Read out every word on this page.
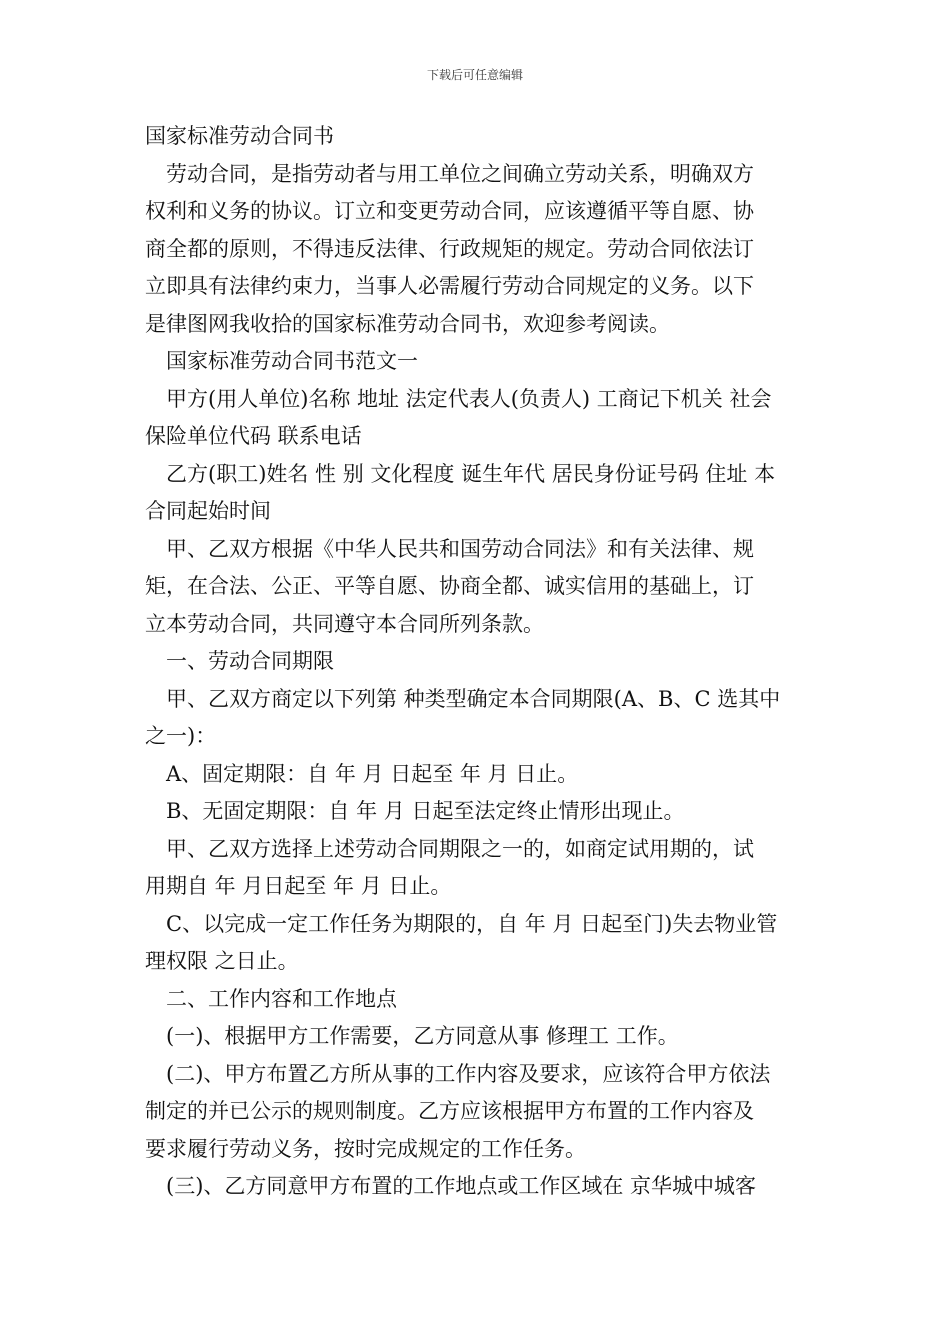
下载后可任意编辑

国家标准劳动合同书

劳动合同，是指劳动者与用工单位之间确立劳动关系，明确双方

权利和义务的协议。订立和变更劳动合同，应该遵循平等自愿、协

商全都的原则，不得违反法律、行政规矩的规定。劳动合同依法订

立即具有法律约束力，当事人必需履行劳动合同规定的义务。以下

是律图网我收拾的国家标准劳动合同书，欢迎参考阅读。

国家标准劳动合同书范文一

甲方(用人单位)名称 地址 法定代表人(负责人) 工商记下机关 社会

保险单位代码 联系电话

乙方(职工)姓名 性 别 文化程度 诞生年代 居民身份证号码 住址 本

合同起始时间

甲、乙双方根据《中华人民共和国劳动合同法》和有关法律、规

矩，在合法、公正、平等自愿、协商全都、诚实信用的基础上，订

立本劳动合同，共同遵守本合同所列条款。

一、劳动合同期限

甲、乙双方商定以下列第 种类型确定本合同期限(A、B、C 选其中

之一)：

A、固定期限：自 年 月 日起至 年 月 日止。

B、无固定期限：自 年 月 日起至法定终止情形出现止。

甲、乙双方选择上述劳动合同期限之一的，如商定试用期的，试

用期自 年 月日起至 年 月 日止。

C、以完成一定工作任务为期限的，自 年 月 日起至门)失去物业管

理权限 之日止。

二、工作内容和工作地点

(一)、根据甲方工作需要，乙方同意从事 修理工 工作。

(二)、甲方布置乙方所从事的工作内容及要求，应该符合甲方依法

制定的并已公示的规则制度。乙方应该根据甲方布置的工作内容及

要求履行劳动义务，按时完成规定的工作任务。

(三)、乙方同意甲方布置的工作地点或工作区域在 京华城中城客
